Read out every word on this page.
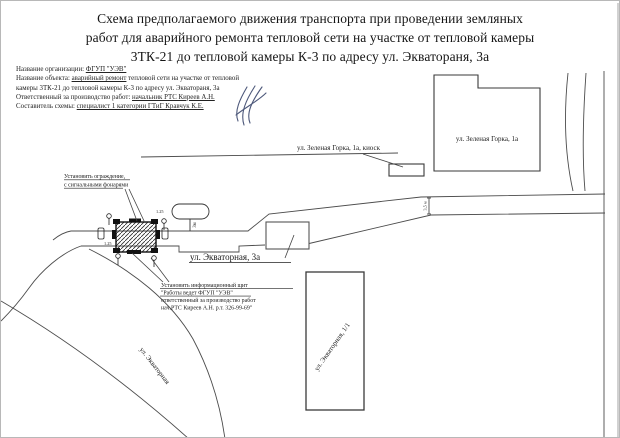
Схема предполагаемого движения транспорта при проведении земляных
работ для аварийного ремонта тепловой сети на участке от тепловой камеры
3ТК-21 до тепловой камеры К-3 по адресу ул. Экватораня, 3а
Название организации: ФГУП "УЭВ"
Название объекта: аварийный ремонт тепловой сети на участке от тепловой
камеры 3ТК-21 до тепловой камеры К-3 по адресу ул. Экватораня, 3а
Ответственный за производство работ: начальник РТС Киреев А.Н.
Составитель схемы: специалист 1 категории ГТиГ Кравчук К.Е.
1.25
1.25
3м
3,5 м
Установить ограждение,
с сигнальными фонарями
ул. Зеленая Горка, 1а, киоск
ул. Зеленая Горка, 1а
ул. Экваторная, 3а
Установить информационный щит
"Работы ведет ФГУП "УЭВ"
ответственный за производство работ
нач.РТС Киреев А.Н. р.т. 326-99-69"
ул. Экваторная, 1/1
ул. Экваторная
